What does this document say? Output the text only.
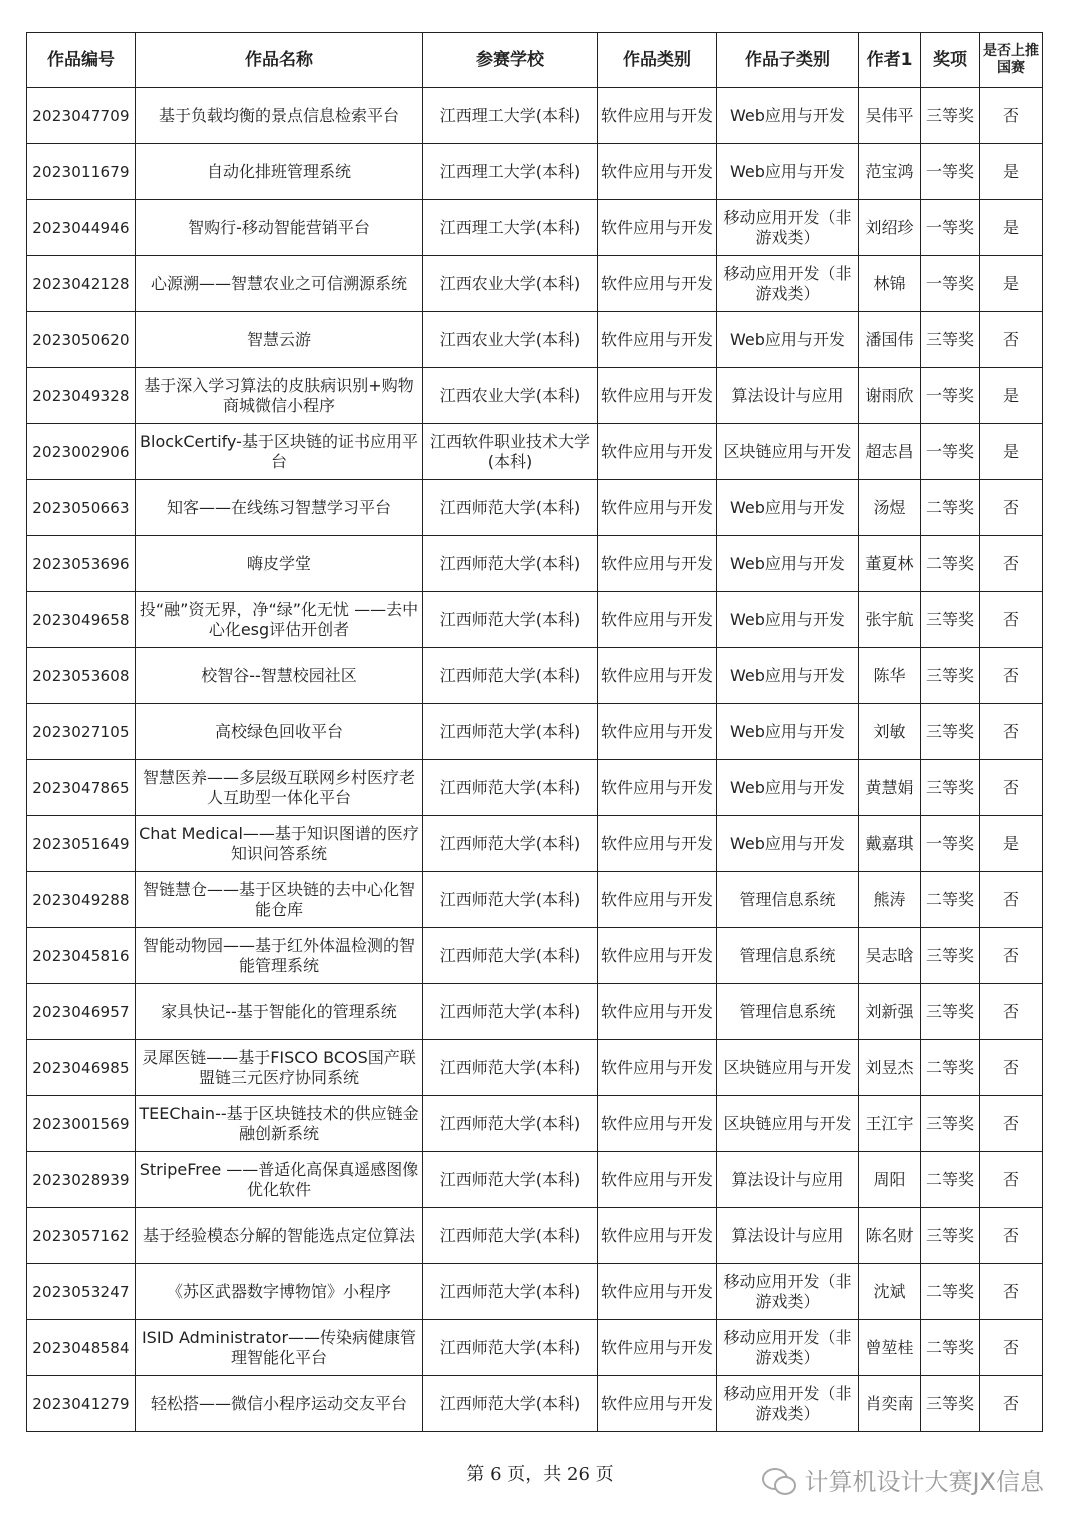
作品编号	作品名称	参赛学校	作品类别	作品子类别	作者1	奖项	是否上推国赛
2023047709	基于负载均衡的景点信息检索平台	江西理工大学(本科)	软件应用与开发	Web应用与开发	吴伟平	三等奖	否
2023011679	自动化排班管理系统	江西理工大学(本科)	软件应用与开发	Web应用与开发	范宝鸿	一等奖	是
2023044946	智购行-移动智能营销平台	江西理工大学(本科)	软件应用与开发	移动应用开发（非游戏类）	刘绍珍	一等奖	是
2023042128	心源溯——智慧农业之可信溯源系统	江西农业大学(本科)	软件应用与开发	移动应用开发（非游戏类）	林锦	一等奖	是
2023050620	智慧云游	江西农业大学(本科)	软件应用与开发	Web应用与开发	潘国伟	三等奖	否
2023049328	基于深入学习算法的皮肤病识别+购物商城微信小程序	江西农业大学(本科)	软件应用与开发	算法设计与应用	谢雨欣	一等奖	是
2023002906	BlockCertify-基于区块链的证书应用平台	江西软件职业技术大学(本科)	软件应用与开发	区块链应用与开发	超志昌	一等奖	是
2023050663	知客——在线练习智慧学习平台	江西师范大学(本科)	软件应用与开发	Web应用与开发	汤煜	二等奖	否
2023053696	嗨皮学堂	江西师范大学(本科)	软件应用与开发	Web应用与开发	董夏林	二等奖	否
2023049658	投“融”资无界，净“绿”化无忧 ——去中心化esg评估开创者	江西师范大学(本科)	软件应用与开发	Web应用与开发	张宇航	三等奖	否
2023053608	校智谷--智慧校园社区	江西师范大学(本科)	软件应用与开发	Web应用与开发	陈华	三等奖	否
2023027105	高校绿色回收平台	江西师范大学(本科)	软件应用与开发	Web应用与开发	刘敏	三等奖	否
2023047865	智慧医养——多层级互联网乡村医疗老人互助型一体化平台	江西师范大学(本科)	软件应用与开发	Web应用与开发	黄慧娟	三等奖	否
2023051649	Chat Medical——基于知识图谱的医疗知识问答系统	江西师范大学(本科)	软件应用与开发	Web应用与开发	戴嘉琪	一等奖	是
2023049288	智链慧仓——基于区块链的去中心化智能仓库	江西师范大学(本科)	软件应用与开发	管理信息系统	熊涛	二等奖	否
2023045816	智能动物园——基于红外体温检测的智能管理系统	江西师范大学(本科)	软件应用与开发	管理信息系统	吴志晗	三等奖	否
2023046957	家具快记--基于智能化的管理系统	江西师范大学(本科)	软件应用与开发	管理信息系统	刘新强	三等奖	否
2023046985	灵犀医链——基于FISCO BCOS国产联盟链三元医疗协同系统	江西师范大学(本科)	软件应用与开发	区块链应用与开发	刘昱杰	二等奖	否
2023001569	TEEChain--基于区块链技术的供应链金融创新系统	江西师范大学(本科)	软件应用与开发	区块链应用与开发	王江宇	三等奖	否
2023028939	StripeFree ——普适化高保真遥感图像优化软件	江西师范大学(本科)	软件应用与开发	算法设计与应用	周阳	二等奖	否
2023057162	基于经验模态分解的智能选点定位算法	江西师范大学(本科)	软件应用与开发	算法设计与应用	陈名财	三等奖	否
2023053247	《苏区武器数字博物馆》小程序	江西师范大学(本科)	软件应用与开发	移动应用开发（非游戏类）	沈斌	二等奖	否
2023048584	ISID Administrator——传染病健康管理智能化平台	江西师范大学(本科)	软件应用与开发	移动应用开发（非游戏类）	曾堃桂	二等奖	否
2023041279	轻松搭——微信小程序运动交友平台	江西师范大学(本科)	软件应用与开发	移动应用开发（非游戏类）	肖奕南	三等奖	否
第 6 页，共 26 页	计算机设计大赛JX信息
